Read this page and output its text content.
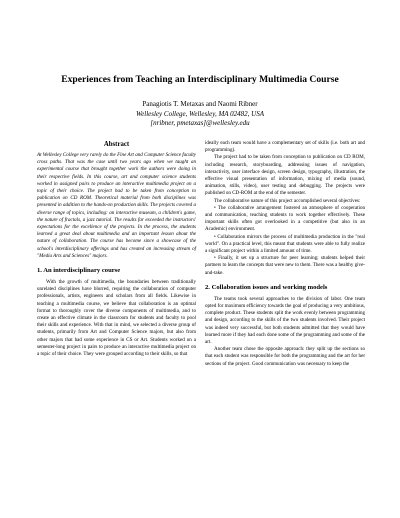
Experiences from Teaching an Interdisciplinary Multimedia Course
Panagiotis T. Metaxas and Naomi Ribner
Wellesley College, Wellesley, MA 02482, USA
[nribner, pmetaxas]@wellesley.edu
Abstract

At Wellesley College very rarely do the Fine Art and Computer Science faculty cross paths. That was the case until two years ago when we taught an experimental course that brought together work the authors were doing in their respective fields. In this course, art and computer science students worked in assigned pairs to produce an interactive multimedia project on a topic of their choice. The project had to be taken from conception to publication on CD ROM. Theoretical material from both disciplines was presented in addition to the hands-on production skills. The projects covered a diverse range of topics, including: an interactive museum, a children's game, the nature of fractals, a jazz tutorial. The results far exceeded the instructors' expectations for the excellence of the projects. In the process, the students learned a great deal about multimedia and an important lesson about the nature of collaboration. The course has become since a showcase of the school's interdisciplinary offerings and has created an increasing stream of "Media Arts and Sciences" majors.

1. An interdisciplinary course

With the growth of multimedia, the boundaries between traditionally unrelated disciplines have blurred, requiring the collaboration of computer professionals, artists, engineers and scholars from all fields. Likewise in teaching a multimedia course, we believe that collaboration is an optimal format to thoroughly cover the diverse components of multimedia, and to create an effective climate in the classroom for students and faculty to pool their skills and experience. With that in mind, we selected a diverse group of students, primarily from Art and Computer Science majors, but also from other majors that had some experience in CS or Art. Students worked on a semester-long project in pairs to produce an interactive multimedia project on a topic of their choice. They were grouped according to their skills, so that

ideally each team would have a complementary set of skills (i.e. both art and programming).

The project had to be taken from conception to publication on CD ROM, including research, storyboarding, addressing issues of navigation, interactivity, user interface design, screen design, typography, illustration, the effective visual presentation of information, mixing of media (sound, animation, stills, video), user testing and debugging. The projects were published on CD-ROM at the end of the semester.

The collaborative nature of this project accomplished several objectives:

• The collaborative arrangement fostered an atmosphere of cooperation and communication, teaching students to work together effectively. These important skills often got overlooked in a competitive (but also in an Academic) environment.

• Collaboration mirrors the process of multimedia production in the "real world". On a practical level, this meant that students were able to fully realize a significant project within a limited amount of time.

• Finally, it set up a structure for peer learning; students helped their partners to learn the concepts that were new to them. There was a healthy give-and-take.

2. Collaboration issues and working models

The teams took several approaches to the division of labor. One team opted for maximum efficiency towards the goal of producing a very ambitious, complete product. These students split the work evenly between programming and design, according to the skills of the two students involved. Their project was indeed very successful, but both students admitted that they would have learned more if they had each done some of the programming and some of the art.

Another team chose the opposite approach: they split up the sections so that each student was responsible for both the programming and the art for her sections of the project. Good communication was necessary to keep the
